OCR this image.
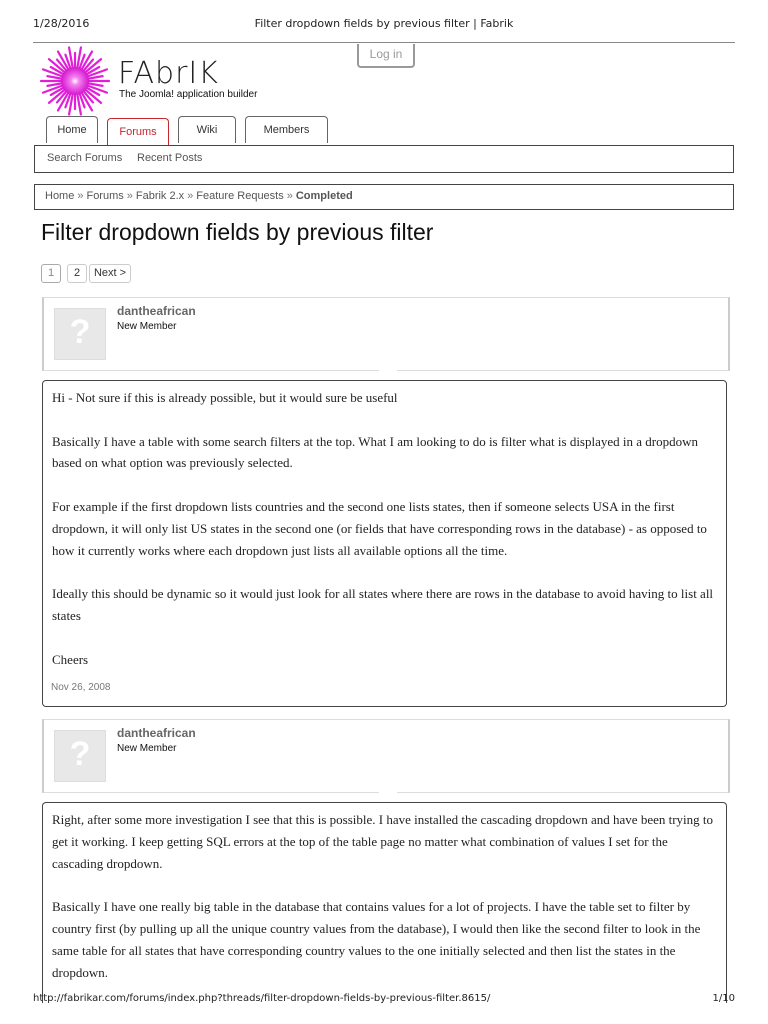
1/28/2016	Filter dropdown fields by previous filter | Fabrik
FAbrIK
The Joomla! application builder
Log in
Home	Forums	Wiki	Members
Search Forums Recent Posts
Home » Forums » Fabrik 2.x » Feature Requests » Completed
Filter dropdown fields by previous filter
1	2	Next >
?
dantheafrican
New Member

Hi - Not sure if this is already possible, but it would sure be useful

Basically I have a table with some search filters at the top. What I am looking to do is filter what is displayed in a dropdown based on what option was previously selected.

For example if the first dropdown lists countries and the second one lists states, then if someone selects USA in the first dropdown, it will only list US states in the second one (or fields that have corresponding rows in the database) - as opposed to how it currently works where each dropdown just lists all available options all the time.

Ideally this should be dynamic so it would just look for all states where there are rows in the database to avoid having to list all states

Cheers

Nov 26, 2008
?
dantheafrican
New Member

Right, after some more investigation I see that this is possible. I have installed the cascading dropdown and have been trying to get it working. I keep getting SQL errors at the top of the table page no matter what combination of values I set for the cascading dropdown.

Basically I have one really big table in the database that contains values for a lot of projects. I have the table set to filter by country first (by pulling up all the unique country values from the database), I would then like the second filter to look in the same table for all states that have corresponding country values to the one initially selected and then list the states in the dropdown.

http://fabrikar.com/forums/index.php?threads/filter-dropdown-fields-by-previous-filter.8615/	1/10
